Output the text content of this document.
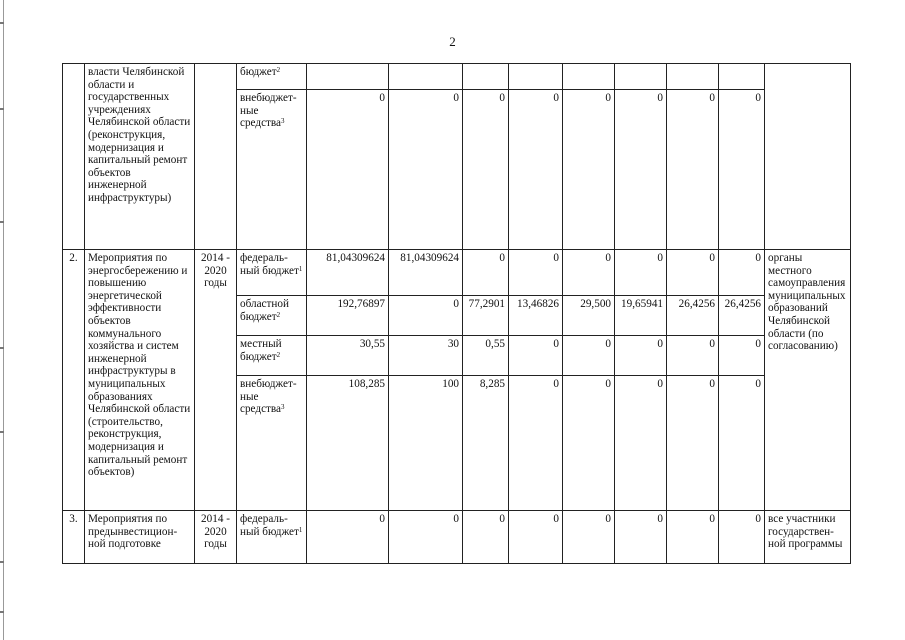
2
	власти Челябинской области и государственных учреждениях Челябинской области (реконструкция, модернизация и капитальный ремонт объектов инженерной инфраструктуры)		бюджет$^2$									
			внебюджет-ные средства$^3$	0	0	0	0	0	0	0	0	
2.	Мероприятия по энергосбережению и повышению энергетической эффективности объектов коммунального хозяйства и систем инженерной инфраструктуры в муниципальных образованиях Челябинской области (строительство, реконструкция, модернизация и капитальный ремонт объектов)	2014 - 2020 годы	федераль-ный бюджет$^1$	81,04309624	81,04309624	0	0	0	0	0	0	органы местного самоуправления муниципальных образований Челябинской области (по согласованию)
			областной бюджет$^2$	192,76897	0	77,2901	13,46826	29,500	19,65941	26,4256	26,4256	
			местный бюджет$^2$	30,55	30	0,55	0	0	0	0	0	
			внебюджет-ные средства$^3$	108,285	100	8,285	0	0	0	0	0	
3.	Мероприятия по предынвестицион-ной подготовке	2014 - 2020 годы	федераль-ный бюджет$^1$	0	0	0	0	0	0	0	0	все участники государствен-ной программы
